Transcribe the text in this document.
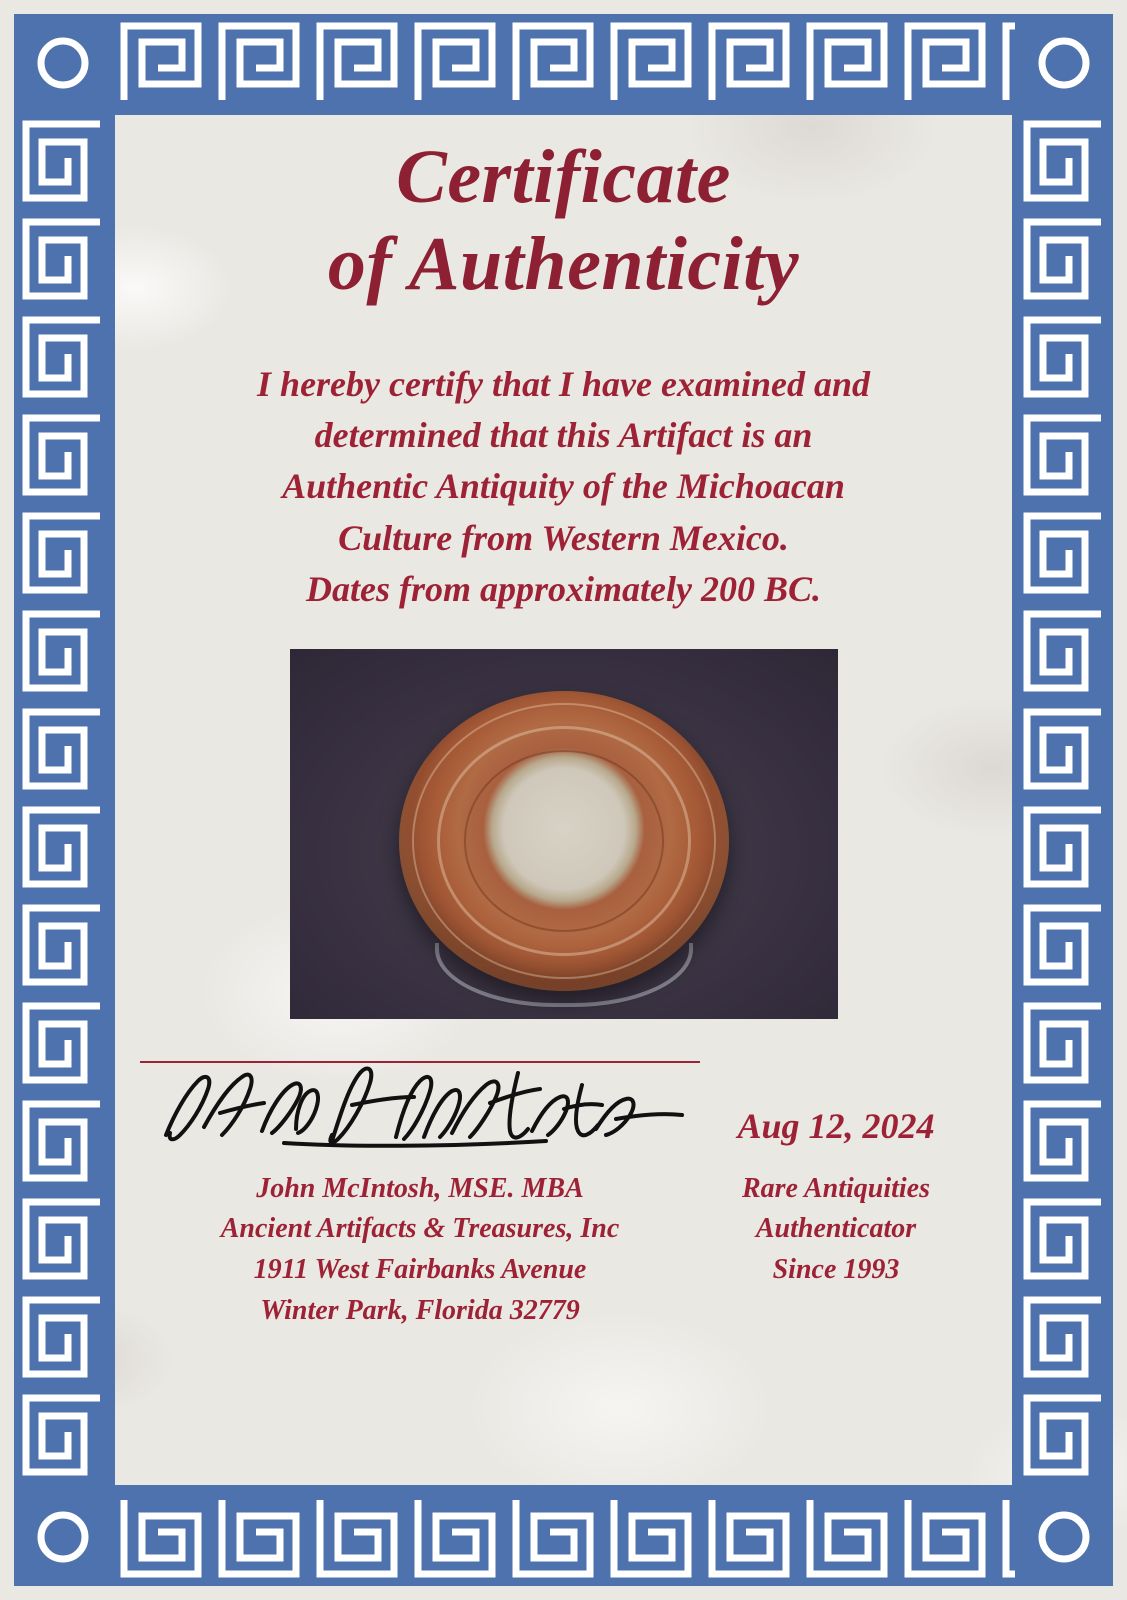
Certificate
of Authenticity
I hereby certify that I have examined and
determined that this Artifact is an
Authentic Antiquity of the Michoacan
Culture from Western Mexico.
Dates from approximately 200 BC.
John McIntosh, MSE. MBA
Ancient Artifacts & Treasures, Inc
1911 West Fairbanks Avenue
Winter Park, Florida 32779
Aug 12, 2024
Rare Antiquities
Authenticator
Since 1993
